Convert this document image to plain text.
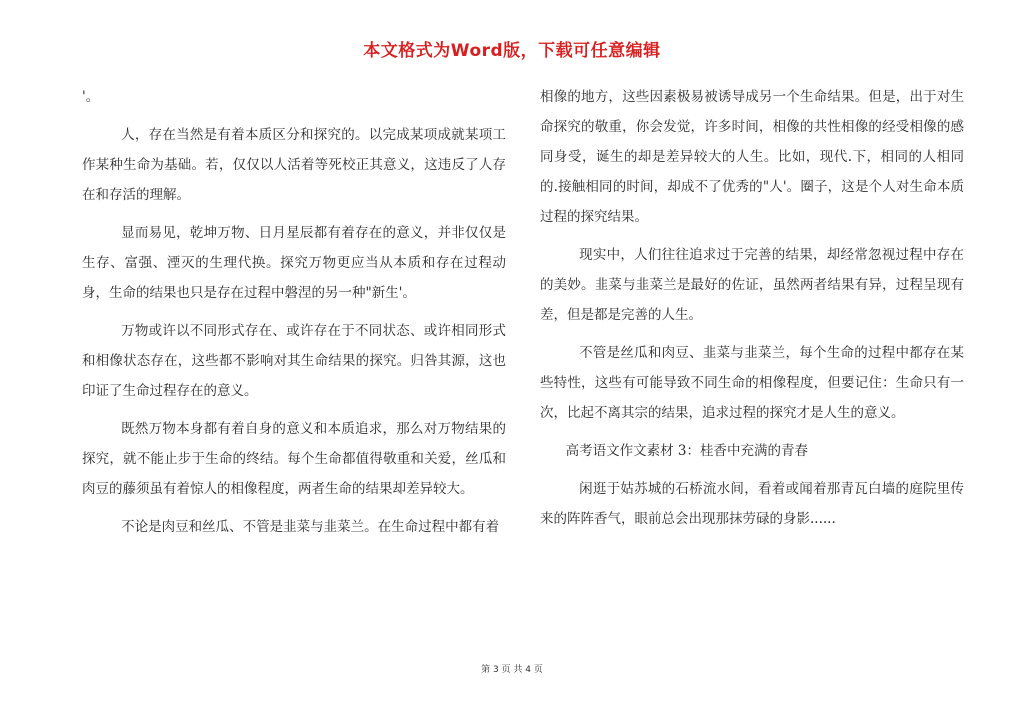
本文格式为Word版，下载可任意编辑

'。

人，存在当然是有着本质区分和探究的。以完成某项成就某项工作某种生命为基础。若，仅仅以人活着等死校正其意义，这违反了人存在和存活的理解。

显而易见，乾坤万物、日月星辰都有着存在的意义，并非仅仅是生存、富强、湮灭的生理代换。探究万物更应当从本质和存在过程动身，生命的结果也只是存在过程中磐涅的另一种"新生'。

万物或许以不同形式存在、或许存在于不同状态、或许相同形式和相像状态存在，这些都不影响对其生命结果的探究。归咎其源，这也印证了生命过程存在的意义。

既然万物本身都有着自身的意义和本质追求，那么对万物结果的探究，就不能止步于生命的终结。每个生命都值得敬重和关爱，丝瓜和肉豆的藤须虽有着惊人的相像程度，两者生命的结果却差异较大。

不论是肉豆和丝瓜、不管是韭菜与韭菜兰。在生命过程中都有着

相像的地方，这些因素极易被诱导成另一个生命结果。但是，出于对生命探究的敬重，你会发觉，许多时间，相像的共性相像的经受相像的感同身受，诞生的却是差异较大的人生。比如，现代.下，相同的人相同的.接触相同的时间，却成不了优秀的"人'。圈子，这是个人对生命本质过程的探究结果。

现实中，人们往往追求过于完善的结果，却经常忽视过程中存在的美妙。韭菜与韭菜兰是最好的佐证，虽然两者结果有异，过程呈现有差，但是都是完善的人生。

不管是丝瓜和肉豆、韭菜与韭菜兰，每个生命的过程中都存在某些特性，这些有可能导致不同生命的相像程度，但要记住：生命只有一次，比起不离其宗的结果，追求过程的探究才是人生的意义。

高考语文作文素材 3：桂香中充满的青春

闲逛于姑苏城的石桥流水间，看着或闻着那青瓦白墙的庭院里传来的阵阵香气，眼前总会出现那抹劳碌的身影......

第 3 页 共 4 页
